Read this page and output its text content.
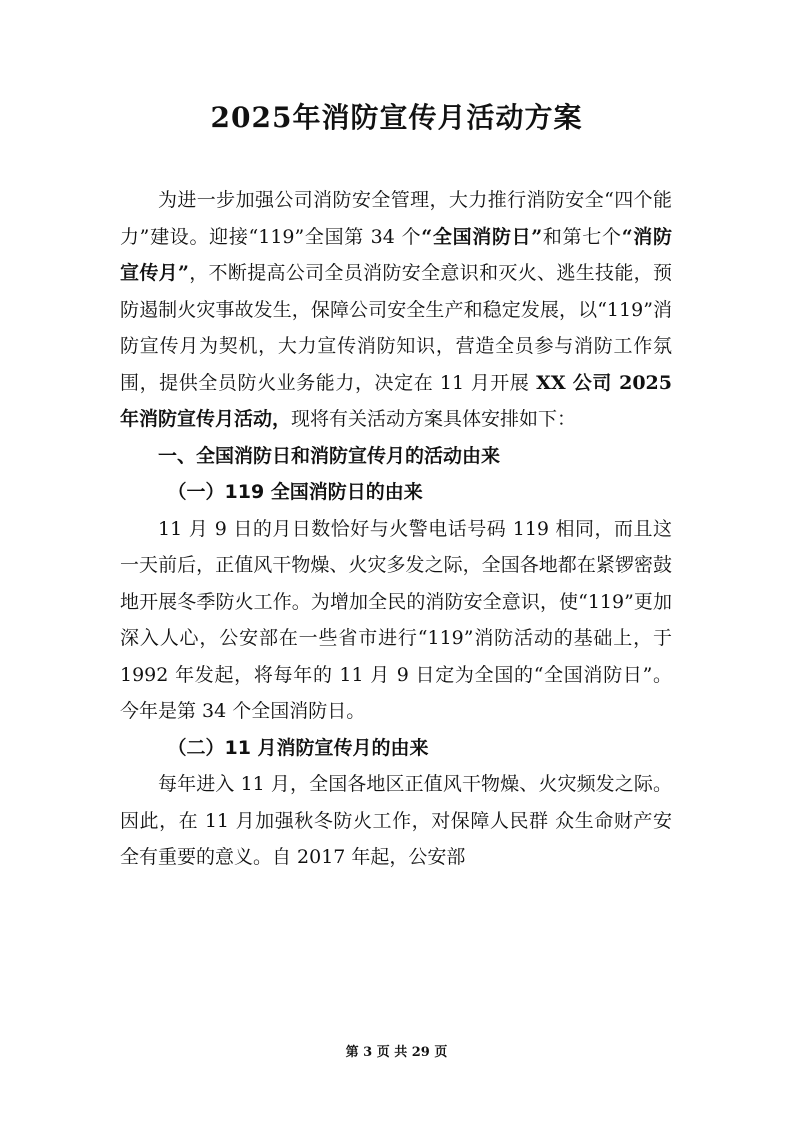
2025年消防宣传月活动方案

为进一步加强公司消防安全管理，大力推行消防安全“四个能力”建设。迎接“119”全国第 34 个“全国消防日”和第七个“消防宣传月”，不断提高公司全员消防安全意识和灭火、逃生技能，预防遏制火灾事故发生，保障公司安全生产和稳定发展，以“119”消防宣传月为契机，大力宣传消防知识，营造全员参与消防工作氛围，提供全员防火业务能力，决定在 11 月开展 XX 公司 2025 年消防宣传月活动，现将有关活动方案具体安排如下：

一、全国消防日和消防宣传月的活动由来

（一）119 全国消防日的由来

11 月 9 日的月日数恰好与火警电话号码 119 相同，而且这一天前后，正值风干物燥、火灾多发之际，全国各地都在紧锣密鼓地开展冬季防火工作。为增加全民的消防安全意识，使“119”更加深入人心，公安部在一些省市进行“119”消防活动的基础上，于 1992 年发起，将每年的 11 月 9 日定为全国的“全国消防日”。今年是第 34 个全国消防日。

（二）11 月消防宣传月的由来

每年进入 11 月，全国各地区正值风干物燥、火灾频发之际。因此，在 11 月加强秋冬防火工作，对保障人民群 众生命财产安全有重要的意义。自 2017 年起，公安部

第 3 页 共 29 页
